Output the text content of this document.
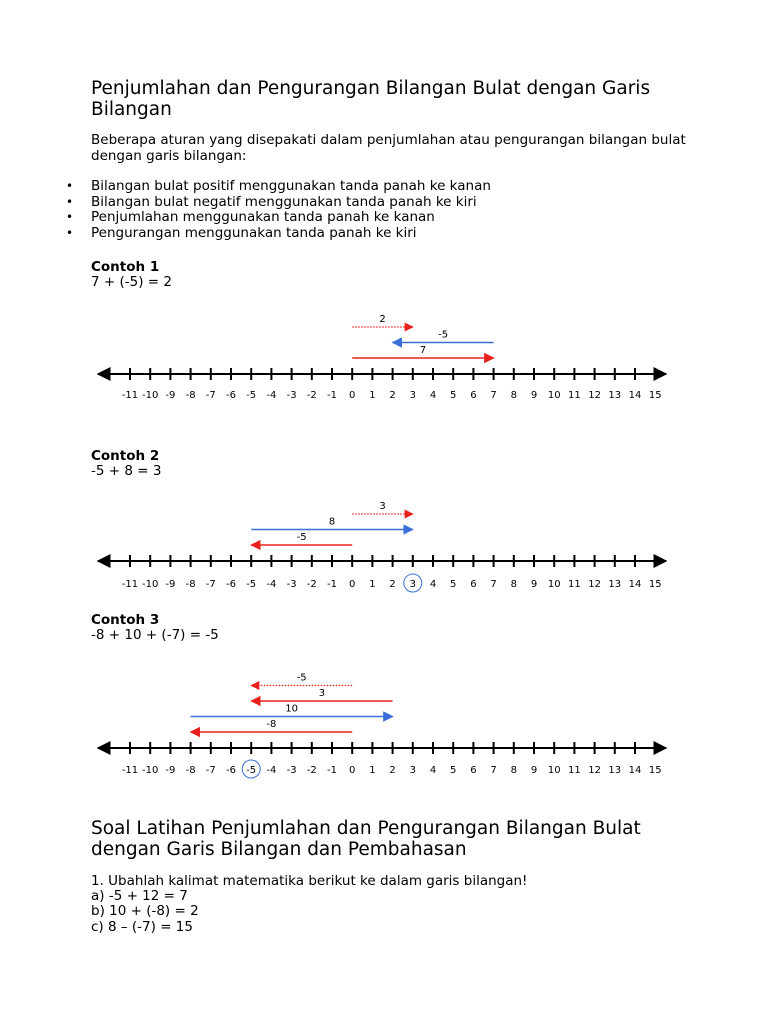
Penjumlahan dan Pengurangan Bilangan Bulat dengan Garis Bilangan

Beberapa aturan yang disepakati dalam penjumlahan atau pengurangan bilangan bulat dengan garis bilangan:

• Bilangan bulat positif menggunakan tanda panah ke kanan
• Bilangan bulat negatif menggunakan tanda panah ke kiri
• Penjumlahan menggunakan tanda panah ke kanan
• Pengurangan menggunakan tanda panah ke kiri
Contoh 1
7 + (-5) = 2
-11 -10 -9 -8 -7 -6 -5 -4 -3 -2 -1 0 1 2 3 4 5 6 7 8 9 10 11 12 13 14 15
2
-5
7
Contoh 2
-5 + 8 = 3
-11 -10 -9 -8 -7 -6 -5 -4 -3 -2 -1 0 1 2 3 4 5 6 7 8 9 10 11 12 13 14 15
3
8
-5
Contoh 3
-8 + 10 + (-7) = -5
-11 -10 -9 -8 -7 -6 -5 -4 -3 -2 -1 0 1 2 3 4 5 6 7 8 9 10 11 12 13 14 15
-5
3
10
-8
Soal Latihan Penjumlahan dan Pengurangan Bilangan Bulat dengan Garis Bilangan dan Pembahasan

1. Ubahlah kalimat matematika berikut ke dalam garis bilangan!

a) -5 + 12 = 7

b) 10 + (-8) = 2

c) 8 – (-7) = 15
